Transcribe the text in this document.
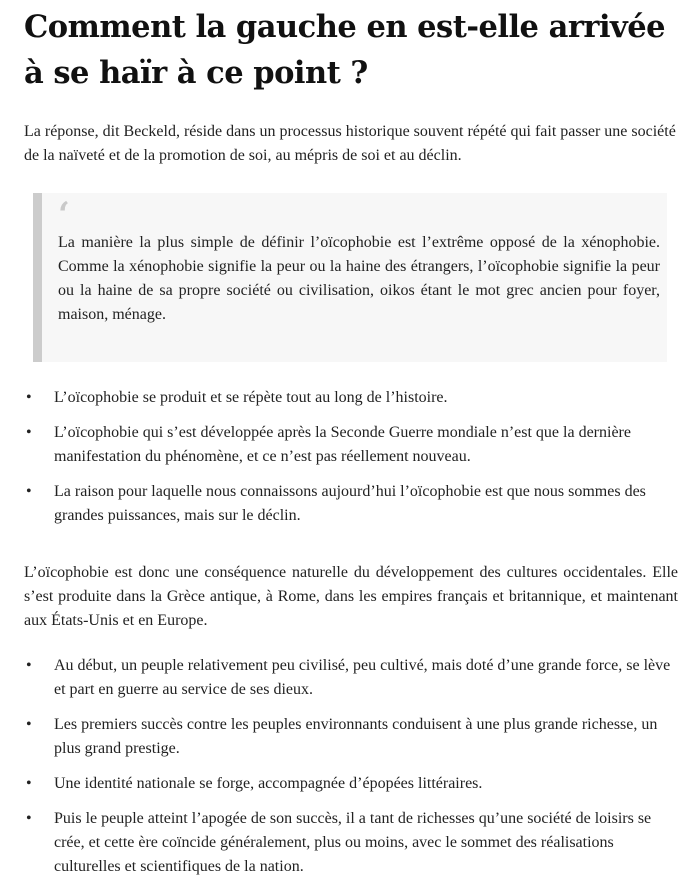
Comment la gauche en est-elle arrivée à se haïr à ce point ?

La réponse, dit Beckeld, réside dans un processus historique souvent répété qui fait passer une société de la naïveté et de la promotion de soi, au mépris de soi et au déclin.

‘

La manière la plus simple de définir l’oïcophobie est l’extrême opposé de la xénophobie. Comme la xénophobie signifie la peur ou la haine des étrangers, l’oïcophobie signifie la peur ou la haine de sa propre société ou civilisation, oikos étant le mot grec ancien pour foyer, maison, ménage.

• L’oïcophobie se produit et se répète tout au long de l’histoire.
• L’oïcophobie qui s’est développée après la Seconde Guerre mondiale n’est que la dernière manifestation du phénomène, et ce n’est pas réellement nouveau.
• La raison pour laquelle nous connaissons aujourd’hui l’oïcophobie est que nous sommes des grandes puissances, mais sur le déclin.

L’oïcophobie est donc une conséquence naturelle du développement des cultures occidentales. Elle s’est produite dans la Grèce antique, à Rome, dans les empires français et britannique, et maintenant aux États-Unis et en Europe.

• Au début, un peuple relativement peu civilisé, peu cultivé, mais doté d’une grande force, se lève et part en guerre au service de ses dieux.
• Les premiers succès contre les peuples environnants conduisent à une plus grande richesse, un plus grand prestige.
• Une identité nationale se forge, accompagnée d’épopées littéraires.
• Puis le peuple atteint l’apogée de son succès, il a tant de richesses qu’une société de loisirs se crée, et cette ère coïncide généralement, plus ou moins, avec le sommet des réalisations culturelles et scientifiques de la nation.
